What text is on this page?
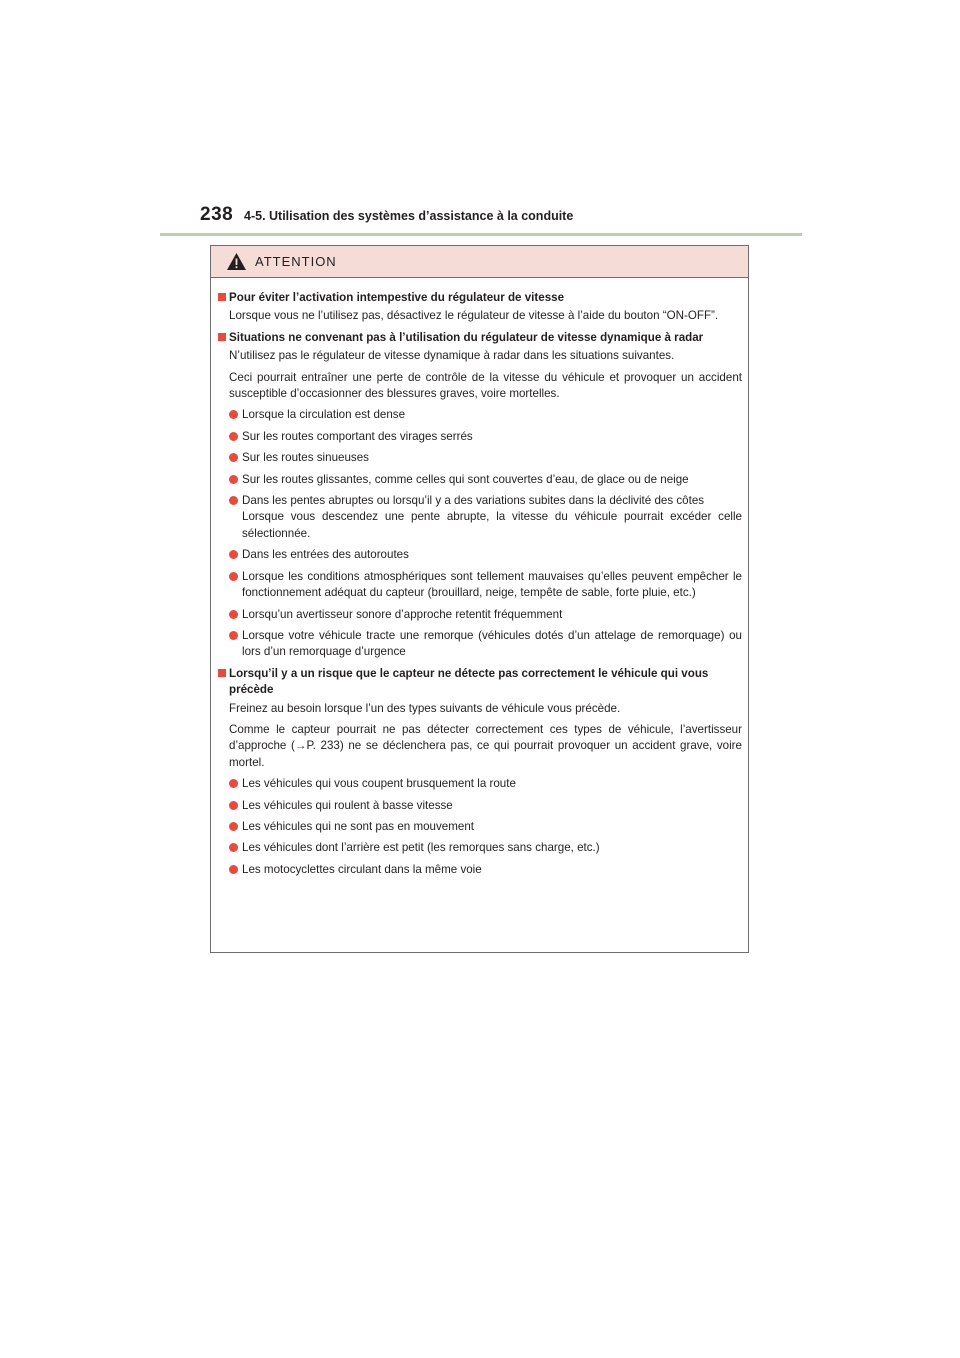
238 4-5. Utilisation des systèmes d’assistance à la conduite
ATTENTION
Pour éviter l’activation intempestive du régulateur de vitesse
Lorsque vous ne l’utilisez pas, désactivez le régulateur de vitesse à l’aide du bouton “ON-OFF”.
Situations ne convenant pas à l’utilisation du régulateur de vitesse dynamique à radar
N’utilisez pas le régulateur de vitesse dynamique à radar dans les situations suivantes.
Ceci pourrait entraîner une perte de contrôle de la vitesse du véhicule et provoquer un accident susceptible d’occasionner des blessures graves, voire mortelles.
Lorsque la circulation est dense
Sur les routes comportant des virages serrés
Sur les routes sinueuses
Sur les routes glissantes, comme celles qui sont couvertes d’eau, de glace ou de neige
Dans les pentes abruptes ou lorsqu’il y a des variations subites dans la déclivité des côtes
Lorsque vous descendez une pente abrupte, la vitesse du véhicule pourrait excéder celle sélectionnée.
Dans les entrées des autoroutes
Lorsque les conditions atmosphériques sont tellement mauvaises qu’elles peuvent empêcher le fonctionnement adéquat du capteur (brouillard, neige, tempête de sable, forte pluie, etc.)
Lorsqu’un avertisseur sonore d’approche retentit fréquemment
Lorsque votre véhicule tracte une remorque (véhicules dotés d’un attelage de remorquage) ou lors d’un remorquage d’urgence
Lorsqu’il y a un risque que le capteur ne détecte pas correctement le véhicule qui vous précède
Freinez au besoin lorsque l’un des types suivants de véhicule vous précède.
Comme le capteur pourrait ne pas détecter correctement ces types de véhicule, l’avertisseur d’approche (→P. 233) ne se déclenchera pas, ce qui pourrait provoquer un accident grave, voire mortel.
Les véhicules qui vous coupent brusquement la route
Les véhicules qui roulent à basse vitesse
Les véhicules qui ne sont pas en mouvement
Les véhicules dont l’arrière est petit (les remorques sans charge, etc.)
Les motocyclettes circulant dans la même voie
